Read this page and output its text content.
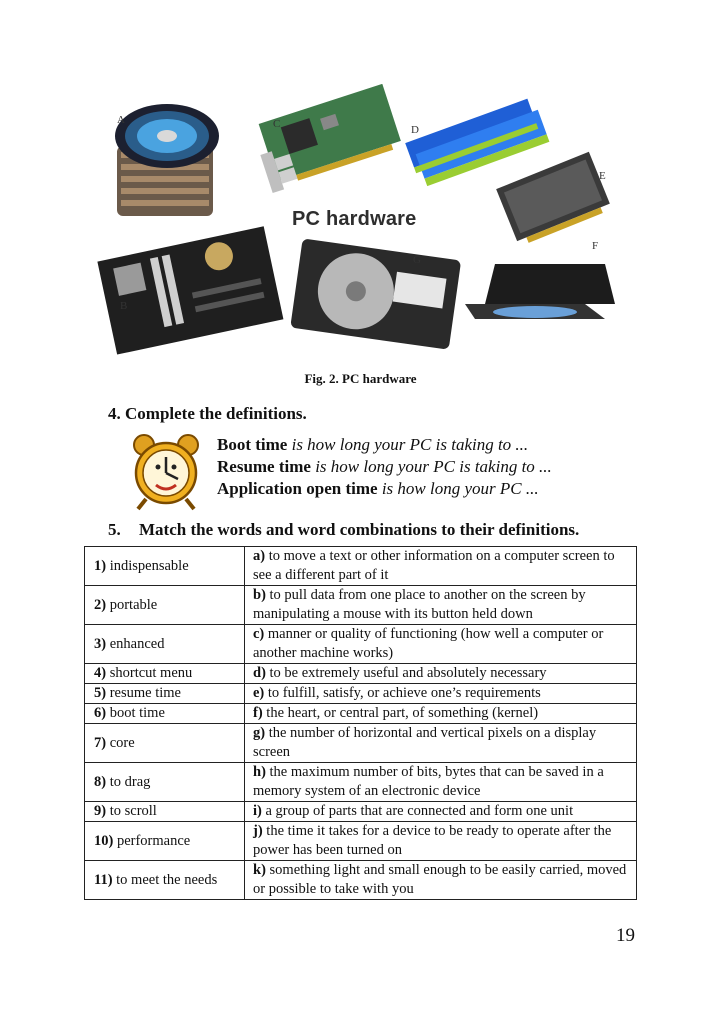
PC hardware
A
B
C	D
E
F
G
Fig. 2. PC hardware
4. Complete the definitions.
Boot time is how long your PC is taking to ...
Resume time is how long your PC is taking to ...
Application open time is how long your PC ...
5. Match the words and word combinations to their definitions.
1) indispensable	a) to move a text or other information on a computer screen to see a different part of it
2) portable	b) to pull data from one place to another on the screen by manipulating a mouse with its button held down
3) enhanced	c) manner or quality of functioning (how well a computer or another machine works)
4) shortcut menu	d) to be extremely useful and absolutely necessary
5) resume time	e) to fulfill, satisfy, or achieve one’s requirements
6) boot time	f) the heart, or central part, of something (kernel)
7) core	g) the number of horizontal and vertical pixels on a display screen
8) to drag	h) the maximum number of bits, bytes that can be saved in a memory system of an electronic device
9) to scroll	i) a group of parts that are connected and form one unit
10) performance	j) the time it takes for a device to be ready to operate after the power has been turned on
11) to meet the needs	k) something light and small enough to be easily carried, moved or possible to take with you
19
